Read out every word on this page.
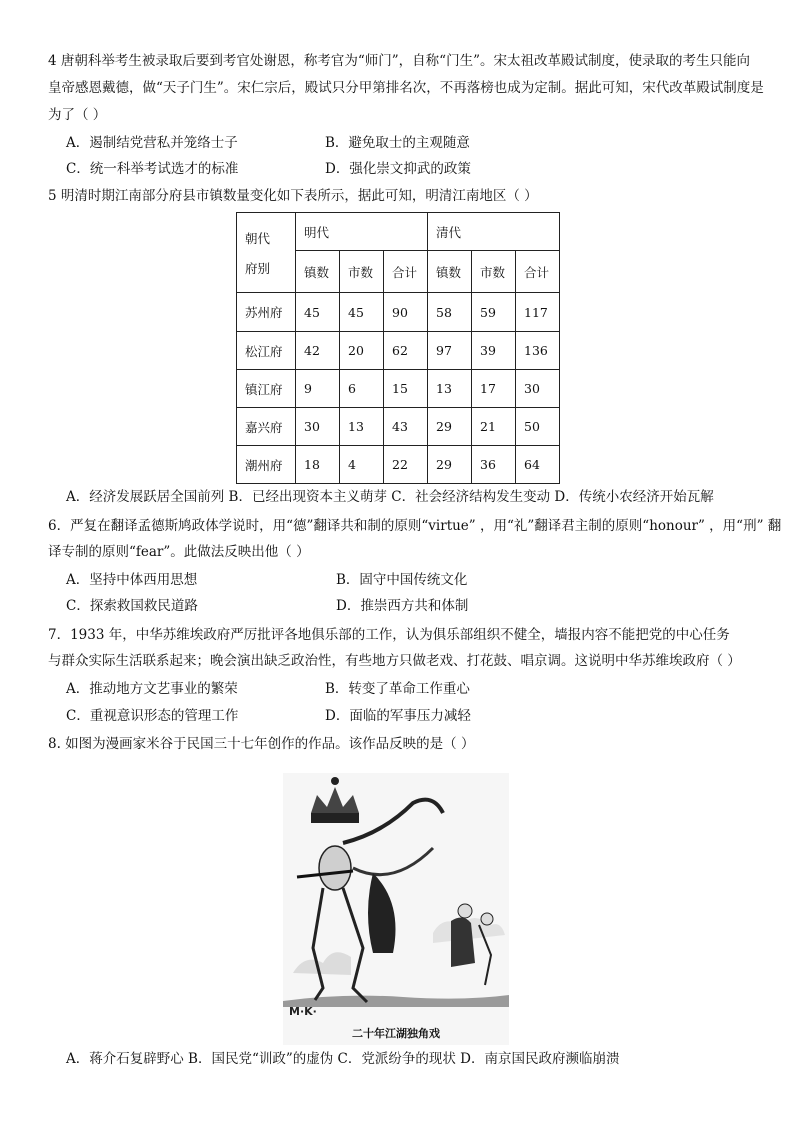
4 唐朝科举考生被录取后要到考官处谢恩，称考官为“师门”，自称“门生”。宋太祖改革殿试制度，使录取的考生只能向
皇帝感恩戴德，做“天子门生”。宋仁宗后，殿试只分甲第排名次，不再落榜也成为定制。据此可知，宋代改革殿试制度是
为了（ ）
A．遏制结党营私并笼络士子	B．避免取士的主观随意
C．统一科举考试选才的标准	D．强化崇文抑武的政策
5 明清时期江南部分府县市镇数量变化如下表所示，据此可知，明清江南地区（ ）
朝代
府别	明代			清代		
	镇数	市数	合计	镇数	市数	合计
苏州府	45	45	90	58	59	117
松江府	42	20	62	97	39	136
镇江府	9	6	15	13	17	30
嘉兴府	30	13	43	29	21	50
潮州府	18	4	22	29	36	64
A．经济发展跃居全国前列 B．已经出现资本主义萌芽 C．社会经济结构发生变动 D．传统小农经济开始瓦解
6．严复在翻译孟德斯鸠政体学说时，用“德”翻译共和制的原则“virtue” ，用“礼”翻译君主制的原则“honour” ，用“刑” 翻
译专制的原则“fear”。此做法反映出他（ ）
A．坚持中体西用思想	B．固守中国传统文化
C．探索救国救民道路	D．推崇西方共和体制
7．1933 年，中华苏维埃政府严厉批评各地俱乐部的工作，认为俱乐部组织不健全，墙报内容不能把党的中心任务
与群众实际生活联系起来；晚会演出缺乏政治性，有些地方只做老戏、打花鼓、唱京调。这说明中华苏维埃政府（ ）
A．推动地方文艺事业的繁荣	B．转变了革命工作重心
C．重视意识形态的管理工作	D．面临的军事压力减轻
8. 如图为漫画家米谷于民国三十七年创作的作品。该作品反映的是（ ）
M·K·
二十年江湖独角戏
A．蒋介石复辟野心 B．国民党“训政”的虚伪 C．党派纷争的现状 D．南京国民政府濒临崩溃
